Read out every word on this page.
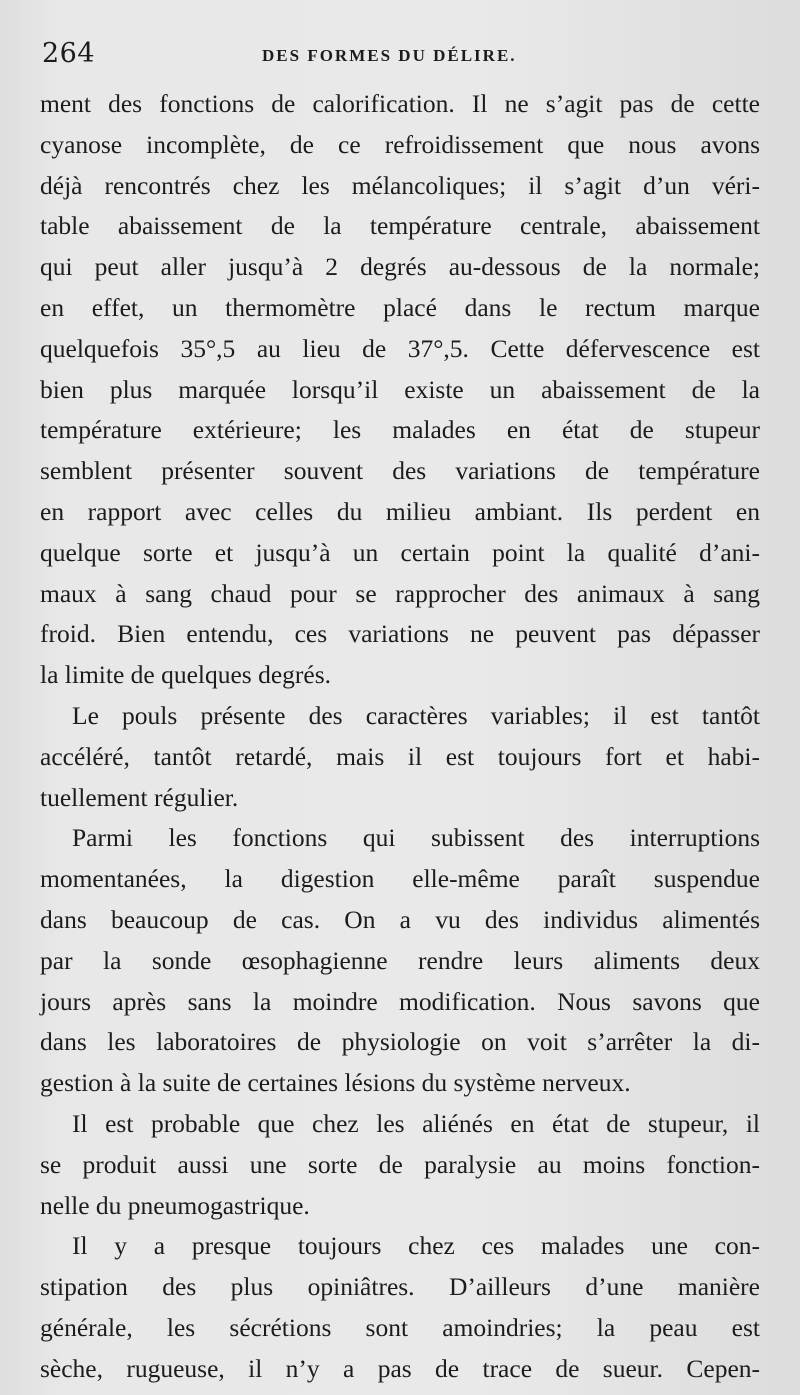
264	DES FORMES DU DÉLIRE.
ment des fonctions de calorification. Il ne s’agit pas de cette
cyanose incomplète, de ce refroidissement que nous avons
déjà rencontrés chez les mélancoliques; il s’agit d’un véri-
table abaissement de la température centrale, abaissement
qui peut aller jusqu’à 2 degrés au-dessous de la normale;
en effet, un thermomètre placé dans le rectum marque
quelquefois 35°,5 au lieu de 37°,5. Cette défervescence est
bien plus marquée lorsqu’il existe un abaissement de la
température extérieure; les malades en état de stupeur
semblent présenter souvent des variations de température
en rapport avec celles du milieu ambiant. Ils perdent en
quelque sorte et jusqu’à un certain point la qualité d’ani-
maux à sang chaud pour se rapprocher des animaux à sang
froid. Bien entendu, ces variations ne peuvent pas dépasser
la limite de quelques degrés.
Le pouls présente des caractères variables; il est tantôt
accéléré, tantôt retardé, mais il est toujours fort et habi-
tuellement régulier.
Parmi les fonctions qui subissent des interruptions
momentanées, la digestion elle-même paraît suspendue
dans beaucoup de cas. On a vu des individus alimentés
par la sonde œsophagienne rendre leurs aliments deux
jours après sans la moindre modification. Nous savons que
dans les laboratoires de physiologie on voit s’arrêter la di-
gestion à la suite de certaines lésions du système nerveux.
Il est probable que chez les aliénés en état de stupeur, il
se produit aussi une sorte de paralysie au moins fonction-
nelle du pneumogastrique.
Il y a presque toujours chez ces malades une con-
stipation des plus opiniâtres. D’ailleurs d’une manière
générale, les sécrétions sont amoindries; la peau est
sèche, rugueuse, il n’y a pas de trace de sueur. Cepen-
